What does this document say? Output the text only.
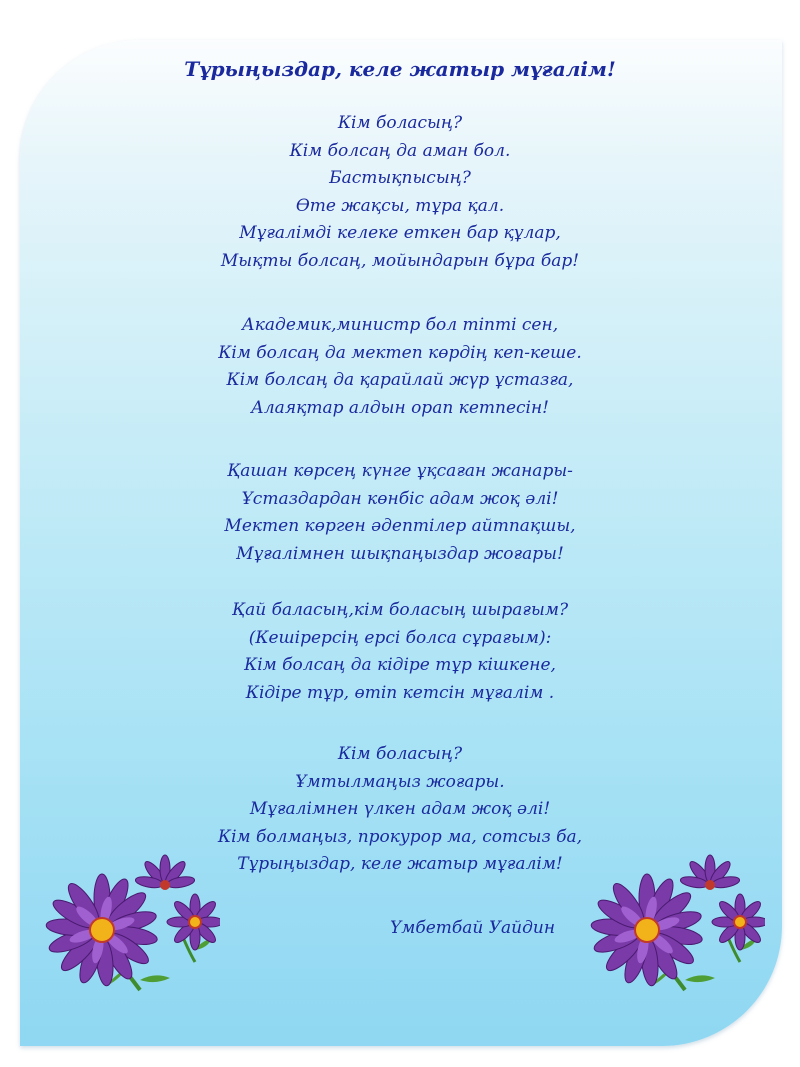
Тұрыңыздар, келе жатыр мұғалім!
Кім боласың?
Кім болсаң да аман бол.
Бастықпысың?
Өте жақсы, тұра қал.
Мұғалімді келеке еткен бар құлар,
Мықты болсаң, мойындарын бұра бар!
Академик,министр бол тіпті сен,
Кім болсаң да мектеп көрдің кеп-кеше.
Кім болсаң да қарайлай жүр ұстазға,
Алаяқтар алдын орап кетпесін!
Қашан көрсең күнге ұқсаған жанары-
Ұстаздардан көнбіс адам жоқ әлі!
Мектеп көрген әдептілер айтпақшы,
Мұғалімнен шықпаңыздар жоғары!
Қай баласың,кім боласың шырағым?
(Кешірерсің ерсі болса сұрағым):
Кім болсаң да кідіре тұр кішкене,
Кідіре тұр, өтіп кетсін мұғалім .
Кім боласың?
Ұмтылмаңыз жоғары.
Мұғалімнен үлкен адам жоқ әлі!
Кім болмаңыз, прокурор ма, сотсыз ба,
Тұрыңыздар, келе жатыр мұғалім!
Үмбетбай Уайдин
